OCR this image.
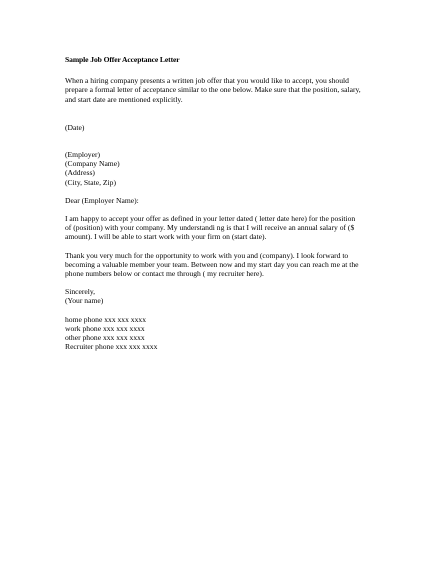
Sample Job Offer Acceptance Letter
When a hiring company presents a written job offer that you would like to accept, you should
prepare a formal letter of acceptance similar to the one below. Make sure that the position, salary,
and start date are mentioned explicitly.
(Date)
(Employer)
(Company Name)
(Address)
(City, State, Zip)
Dear (Employer Name):
I am happy to accept your offer as defined in your letter dated ( letter date here) for the position
of (position) with your company. My understandi ng is that I will receive an annual salary of ($
amount). I will be able to start work with your firm on (start date).
Thank you very much for the opportunity to work with you and (company). I look forward to
becoming a valuable member your team. Between now and my start day you can reach me at the
phone numbers below or contact me through ( my recruiter here).
Sincerely,
(Your name)
home phone xxx xxx xxxx
work phone xxx xxx xxxx
other phone xxx xxx xxxx
Recruiter phone xxx xxx xxxx
